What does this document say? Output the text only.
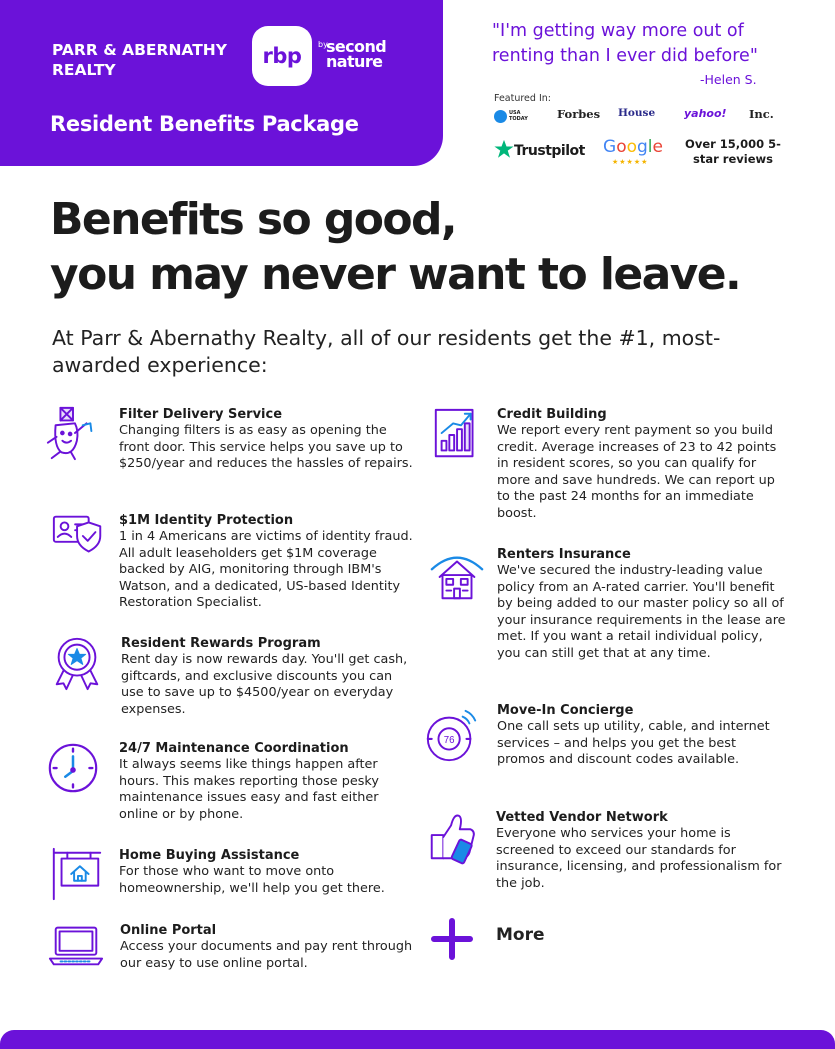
PARR & ABERNATHY REALTY
rbp by
second nature
Resident Benefits Package
"I'm getting way more out of renting than I ever did before"
-Helen S.
Featured In:
USA TODAY	Forbes House	yahoo! Inc.
Trustpilot Google
★★★★★
Over 15,000 5-star reviews
Benefits so good,
you may never want to leave.
At Parr & Abernathy Realty, all of our residents get the #1, most-awarded experience:
Filter Delivery Service
Changing filters is as easy as opening the front door. This service helps you save up to $250/year and reduces the hassles of repairs.
$1M Identity Protection
1 in 4 Americans are victims of identity fraud. All adult leaseholders get $1M coverage backed by AIG, monitoring through IBM's Watson, and a dedicated, US-based Identity Restoration Specialist.
Resident Rewards Program
Rent day is now rewards day. You'll get cash, giftcards, and exclusive discounts you can use to save up to $4500/year on everyday expenses.
24/7 Maintenance Coordination
It always seems like things happen after hours. This makes reporting those pesky maintenance issues easy and fast either online or by phone.
Home Buying Assistance
For those who want to move onto homeownership, we'll help you get there.
Online Portal
Access your documents and pay rent through our easy to use online portal.
Credit Building
We report every rent payment so you build credit. Average increases of 23 to 42 points in resident scores, so you can qualify for more and save hundreds. We can report up to the past 24 months for an immediate boost.
Renters Insurance
We've secured the industry-leading value policy from an A-rated carrier. You'll benefit by being added to our master policy so all of your insurance requirements in the lease are met. If you want a retail individual policy, you can still get that at any time.
Move-In Concierge
One call sets up utility, cable, and internet services – and helps you get the best promos and discount codes available.
76
Vetted Vendor Network
Everyone who services your home is screened to exceed our standards for insurance, licensing, and professionalism for the job.
More
